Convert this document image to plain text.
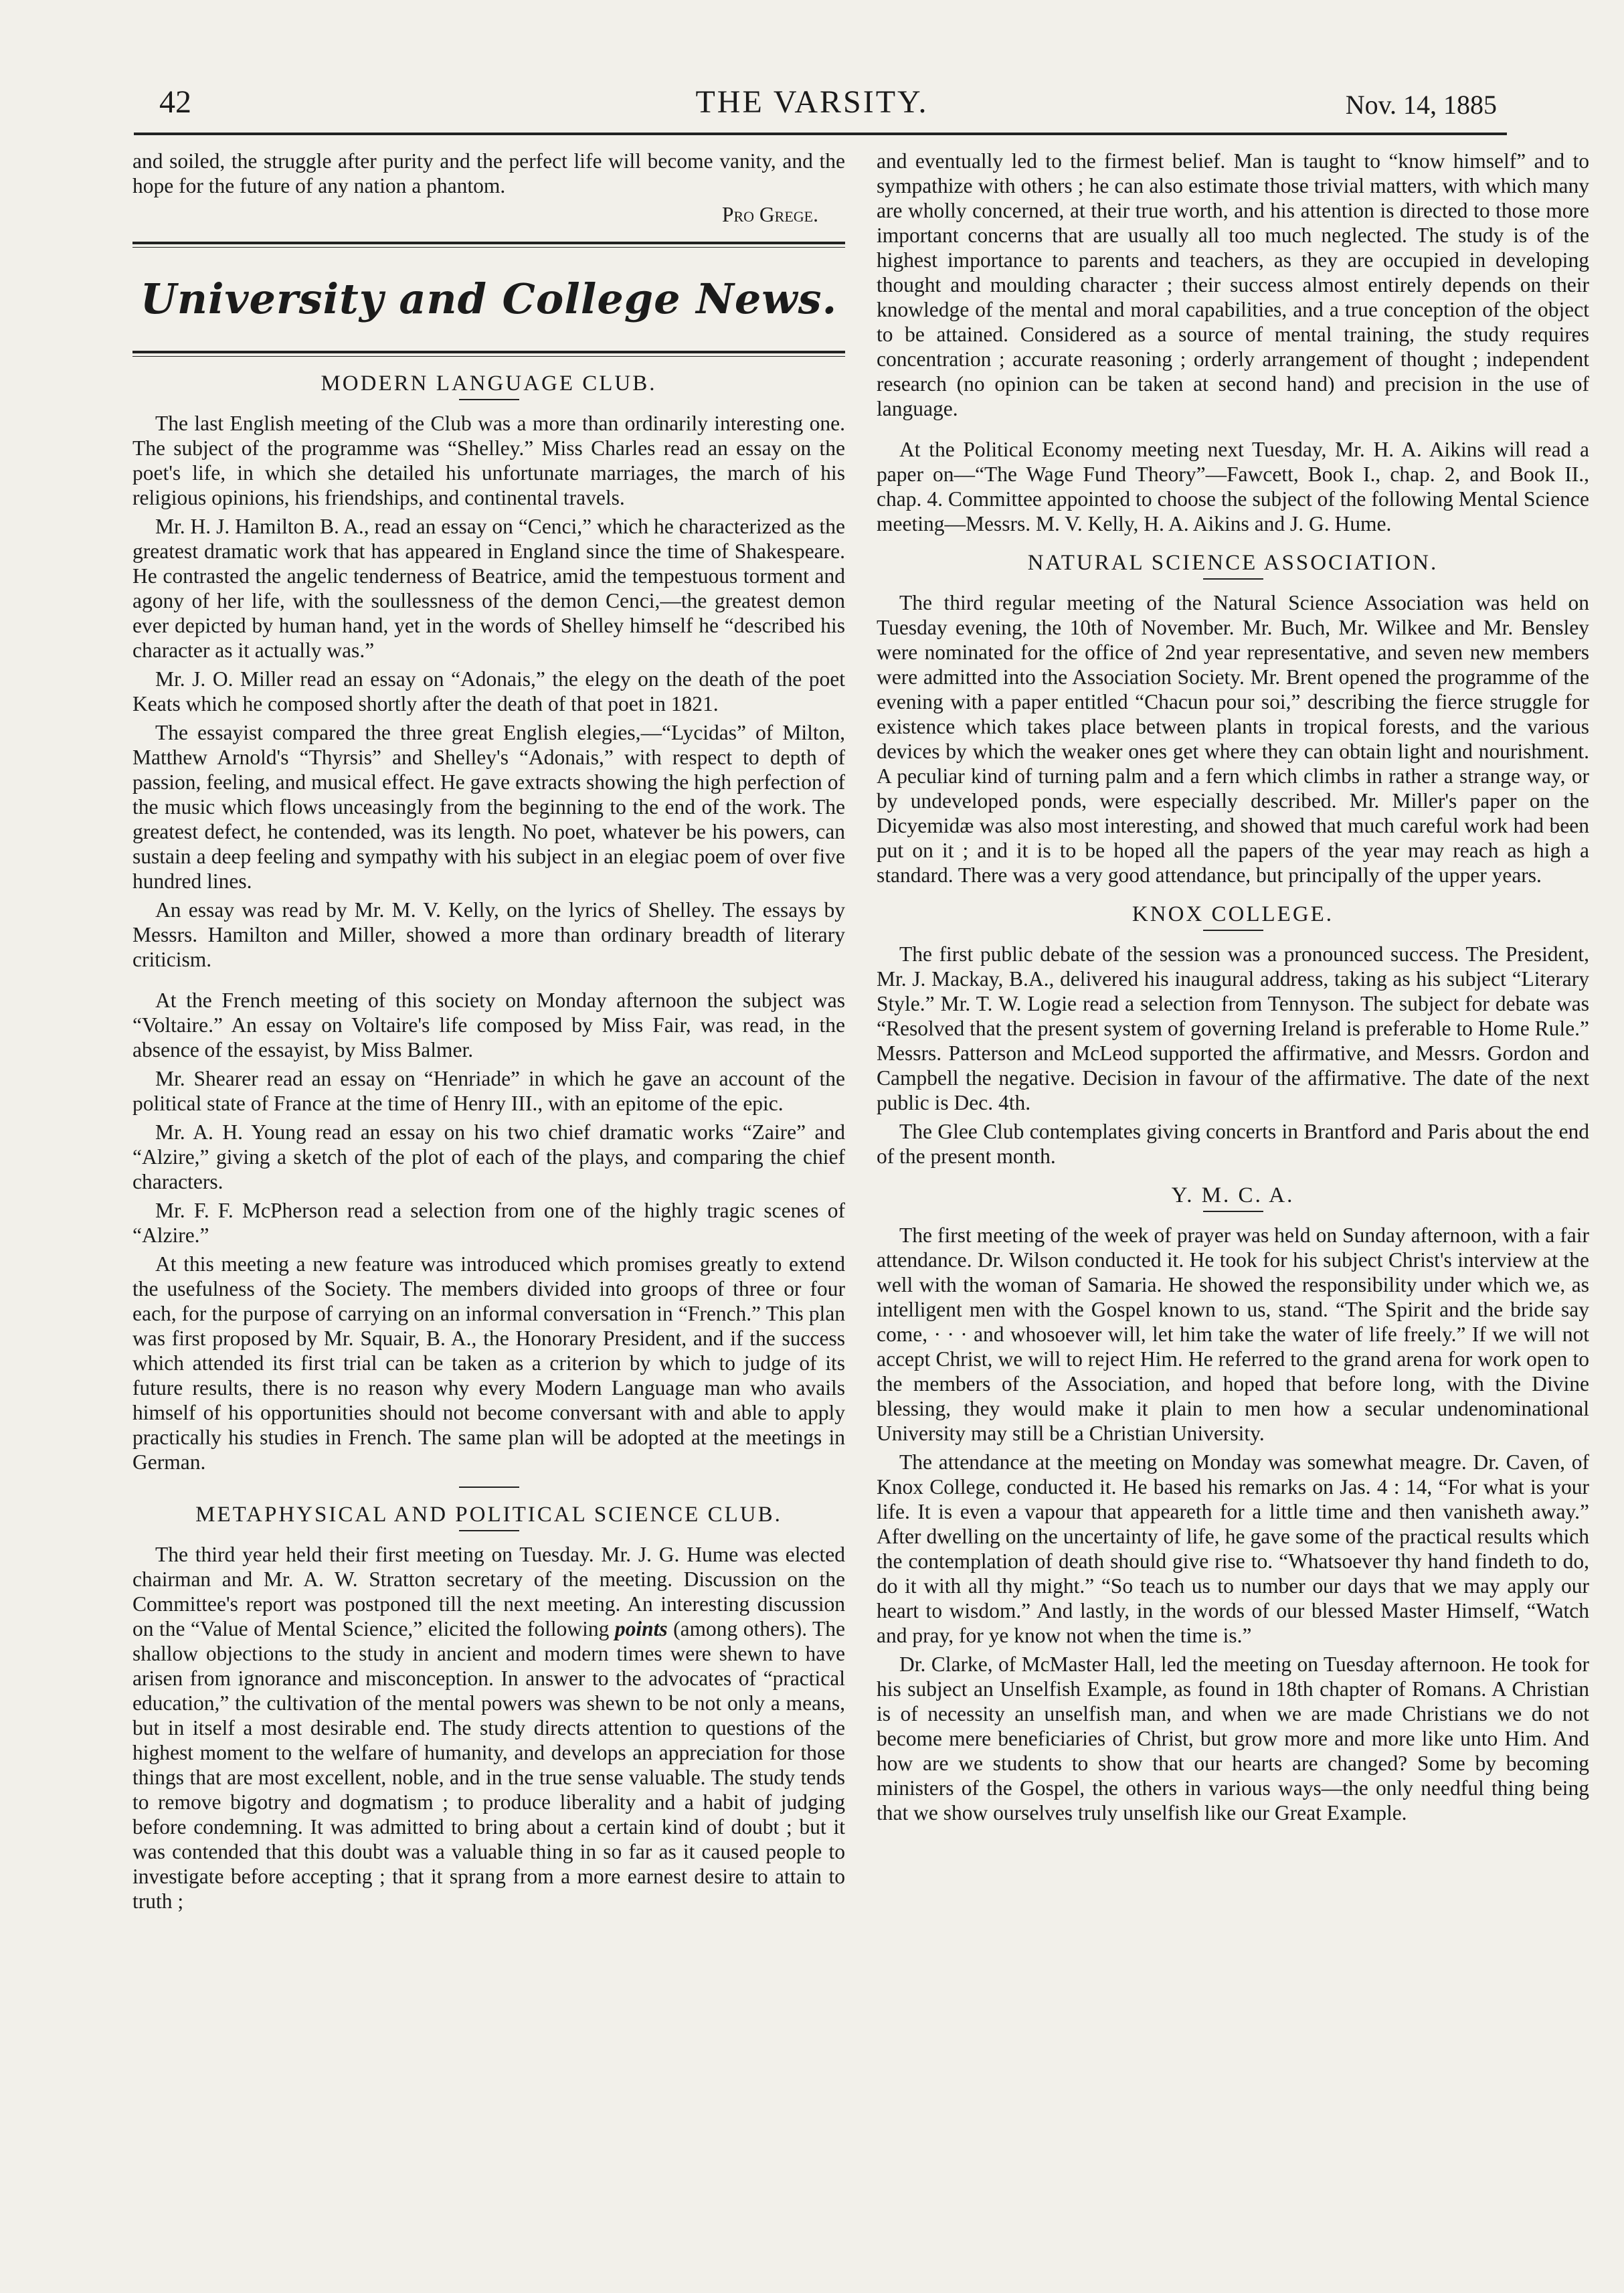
42	THE VARSITY.	Nov. 14, 1885

and soiled, the struggle after purity and the perfect life will become vanity, and the hope for the future of any nation a phantom.

Pro Grege.
University and College News.
MODERN LANGUAGE CLUB.

The last English meeting of the Club was a more than ordinarily interesting one. The subject of the programme was “Shelley.” Miss Charles read an essay on the poet's life, in which she detailed his unfortunate marriages, the march of his religious opinions, his friendships, and continental travels.

Mr. H. J. Hamilton B. A., read an essay on “Cenci,” which he characterized as the greatest dramatic work that has appeared in England since the time of Shakespeare. He contrasted the angelic tenderness of Beatrice, amid the tempestuous torment and agony of her life, with the soullessness of the demon Cenci,—the greatest demon ever depicted by human hand, yet in the words of Shelley himself he “described his character as it actually was.”

Mr. J. O. Miller read an essay on “Adonais,” the elegy on the death of the poet Keats which he composed shortly after the death of that poet in 1821.

The essayist compared the three great English elegies,—“Lycidas” of Milton, Matthew Arnold's “Thyrsis” and Shelley's “Adonais,” with respect to depth of passion, feeling, and musical effect. He gave extracts showing the high perfection of the music which flows unceasingly from the beginning to the end of the work. The greatest defect, he contended, was its length. No poet, whatever be his powers, can sustain a deep feeling and sympathy with his subject in an elegiac poem of over five hundred lines.

An essay was read by Mr. M. V. Kelly, on the lyrics of Shelley. The essays by Messrs. Hamilton and Miller, showed a more than ordinary breadth of literary criticism.

At the French meeting of this society on Monday afternoon the subject was “Voltaire.” An essay on Voltaire's life composed by Miss Fair, was read, in the absence of the essayist, by Miss Balmer.

Mr. Shearer read an essay on “Henriade” in which he gave an account of the political state of France at the time of Henry III., with an epitome of the epic.

Mr. A. H. Young read an essay on his two chief dramatic works “Zaire” and “Alzire,” giving a sketch of the plot of each of the plays, and comparing the chief characters.

Mr. F. F. McPherson read a selection from one of the highly tragic scenes of “Alzire.”

At this meeting a new feature was introduced which promises greatly to extend the usefulness of the Society. The members divided into groops of three or four each, for the purpose of carrying on an informal conversation in “French.” This plan was first proposed by Mr. Squair, B. A., the Honorary President, and if the success which attended its first trial can be taken as a criterion by which to judge of its future results, there is no reason why every Modern Language man who avails himself of his opportunities should not become conversant with and able to apply practically his studies in French. The same plan will be adopted at the meetings in German.

METAPHYSICAL AND POLITICAL SCIENCE CLUB.

The third year held their first meeting on Tuesday. Mr. J. G. Hume was elected chairman and Mr. A. W. Stratton secretary of the meeting. Discussion on the Committee's report was postponed till the next meeting. An interesting discussion on the “Value of Mental Science,” elicited the following points (among others). The shallow objections to the study in ancient and modern times were shewn to have arisen from ignorance and misconception. In answer to the advocates of “practical education,” the cultivation of the mental powers was shewn to be not only a means, but in itself a most desirable end. The study directs attention to questions of the highest moment to the welfare of humanity, and develops an appreciation for those things that are most excellent, noble, and in the true sense valuable. The study tends to remove bigotry and dogmatism ; to produce liberality and a habit of judging before condemning. It was admitted to bring about a certain kind of doubt ; but it was contended that this doubt was a valuable thing in so far as it caused people to investigate before accepting ; that it sprang from a more earnest desire to attain to truth ;

and eventually led to the firmest belief. Man is taught to “know himself” and to sympathize with others ; he can also estimate those trivial matters, with which many are wholly concerned, at their true worth, and his attention is directed to those more important concerns that are usually all too much neglected. The study is of the highest importance to parents and teachers, as they are occupied in developing thought and moulding character ; their success almost entirely depends on their knowledge of the mental and moral capabilities, and a true conception of the object to be attained. Considered as a source of mental training, the study requires concentration ; accurate reasoning ; orderly arrangement of thought ; independent research (no opinion can be taken at second hand) and precision in the use of language.

At the Political Economy meeting next Tuesday, Mr. H. A. Aikins will read a paper on—“The Wage Fund Theory”—Fawcett, Book I., chap. 2, and Book II., chap. 4. Committee appointed to choose the subject of the following Mental Science meeting—Messrs. M. V. Kelly, H. A. Aikins and J. G. Hume.

NATURAL SCIENCE ASSOCIATION.

The third regular meeting of the Natural Science Association was held on Tuesday evening, the 10th of November. Mr. Buch, Mr. Wilkee and Mr. Bensley were nominated for the office of 2nd year representative, and seven new members were admitted into the Association Society. Mr. Brent opened the programme of the evening with a paper entitled “Chacun pour soi,” describing the fierce struggle for existence which takes place between plants in tropical forests, and the various devices by which the weaker ones get where they can obtain light and nourishment. A peculiar kind of turning palm and a fern which climbs in rather a strange way, or by undeveloped ponds, were especially described. Mr. Miller's paper on the Dicyemidæ was also most interesting, and showed that much careful work had been put on it ; and it is to be hoped all the papers of the year may reach as high a standard. There was a very good attendance, but principally of the upper years.

KNOX COLLEGE.

The first public debate of the session was a pronounced success. The President, Mr. J. Mackay, B.A., delivered his inaugural address, taking as his subject “Literary Style.” Mr. T. W. Logie read a selection from Tennyson. The subject for debate was “Resolved that the present system of governing Ireland is preferable to Home Rule.” Messrs. Patterson and McLeod supported the affirmative, and Messrs. Gordon and Campbell the negative. Decision in favour of the affirmative. The date of the next public is Dec. 4th.

The Glee Club contemplates giving concerts in Brantford and Paris about the end of the present month.

Y. M. C. A.

The first meeting of the week of prayer was held on Sunday afternoon, with a fair attendance. Dr. Wilson conducted it. He took for his subject Christ's interview at the well with the woman of Samaria. He showed the responsibility under which we, as intelligent men with the Gospel known to us, stand. “The Spirit and the bride say come, · · · and whosoever will, let him take the water of life freely.” If we will not accept Christ, we will to reject Him. He referred to the grand arena for work open to the members of the Association, and hoped that before long, with the Divine blessing, they would make it plain to men how a secular undenominational University may still be a Christian University.

The attendance at the meeting on Monday was somewhat meagre. Dr. Caven, of Knox College, conducted it. He based his remarks on Jas. 4 : 14, “For what is your life. It is even a vapour that appeareth for a little time and then vanisheth away.” After dwelling on the uncertainty of life, he gave some of the practical results which the contemplation of death should give rise to. “Whatsoever thy hand findeth to do, do it with all thy might.” “So teach us to number our days that we may apply our heart to wisdom.” And lastly, in the words of our blessed Master Himself, “Watch and pray, for ye know not when the time is.”

Dr. Clarke, of McMaster Hall, led the meeting on Tuesday afternoon. He took for his subject an Unselfish Example, as found in 18th chapter of Romans. A Christian is of necessity an unselfish man, and when we are made Christians we do not become mere beneficiaries of Christ, but grow more and more like unto Him. And how are we students to show that our hearts are changed? Some by becoming ministers of the Gospel, the others in various ways—the only needful thing being that we show ourselves truly unselfish like our Great Example.
